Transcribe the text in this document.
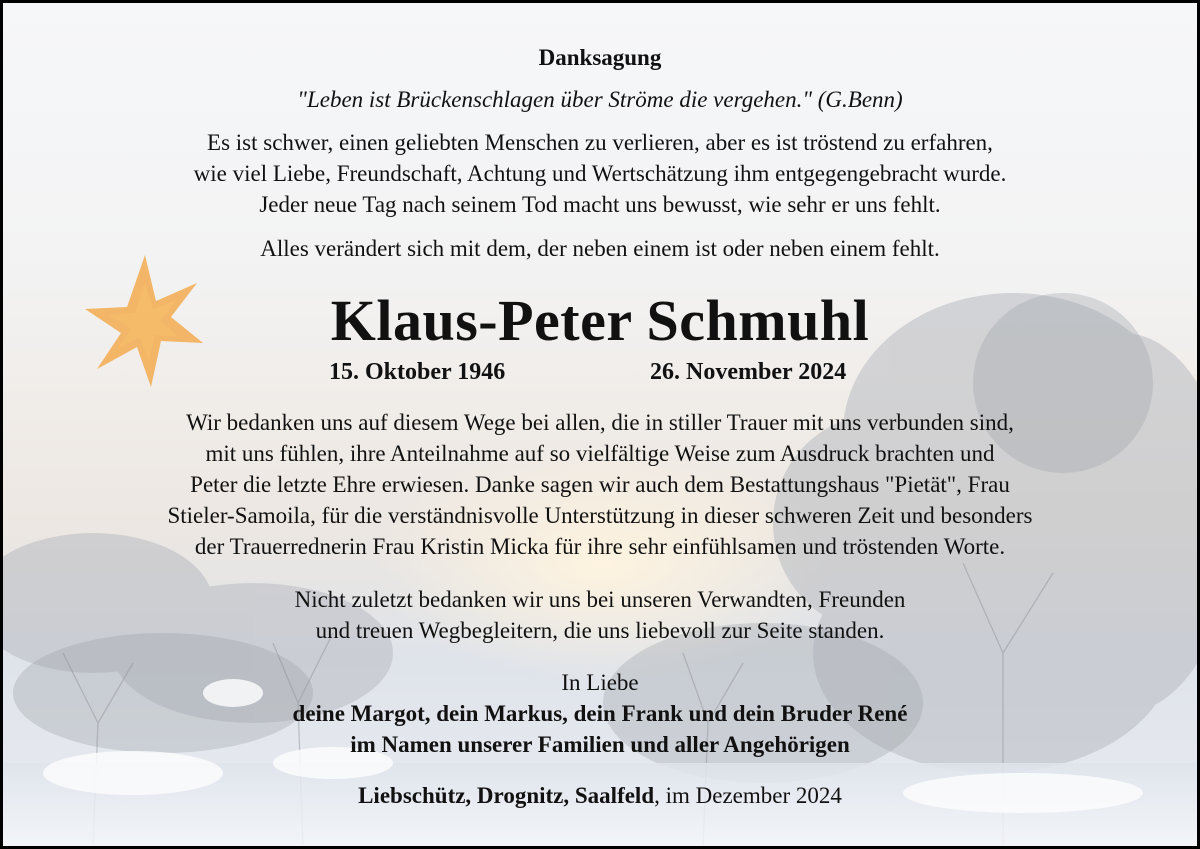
Danksagung
"Leben ist Brückenschlagen über Ströme die vergehen." (G.Benn)
Es ist schwer, einen geliebten Menschen zu verlieren, aber es ist tröstend zu erfahren,
wie viel Liebe, Freundschaft, Achtung und Wertschätzung ihm entgegengebracht wurde.
Jeder neue Tag nach seinem Tod macht uns bewusst, wie sehr er uns fehlt.
Alles verändert sich mit dem, der neben einem ist oder neben einem fehlt.
Klaus-Peter Schmuhl
15. Oktober 1946	26. November 2024
Wir bedanken uns auf diesem Wege bei allen, die in stiller Trauer mit uns verbunden sind,
mit uns fühlen, ihre Anteilnahme auf so vielfältige Weise zum Ausdruck brachten und
Peter die letzte Ehre erwiesen. Danke sagen wir auch dem Bestattungshaus "Pietät", Frau
Stieler-Samoila, für die verständnisvolle Unterstützung in dieser schweren Zeit und besonders
der Trauerrednerin Frau Kristin Micka für ihre sehr einfühlsamen und tröstenden Worte.
Nicht zuletzt bedanken wir uns bei unseren Verwandten, Freunden
und treuen Wegbegleitern, die uns liebevoll zur Seite standen.
In Liebe
deine Margot, dein Markus, dein Frank und dein Bruder René
im Namen unserer Familien und aller Angehörigen
Liebschütz, Drognitz, Saalfeld, im Dezember 2024
